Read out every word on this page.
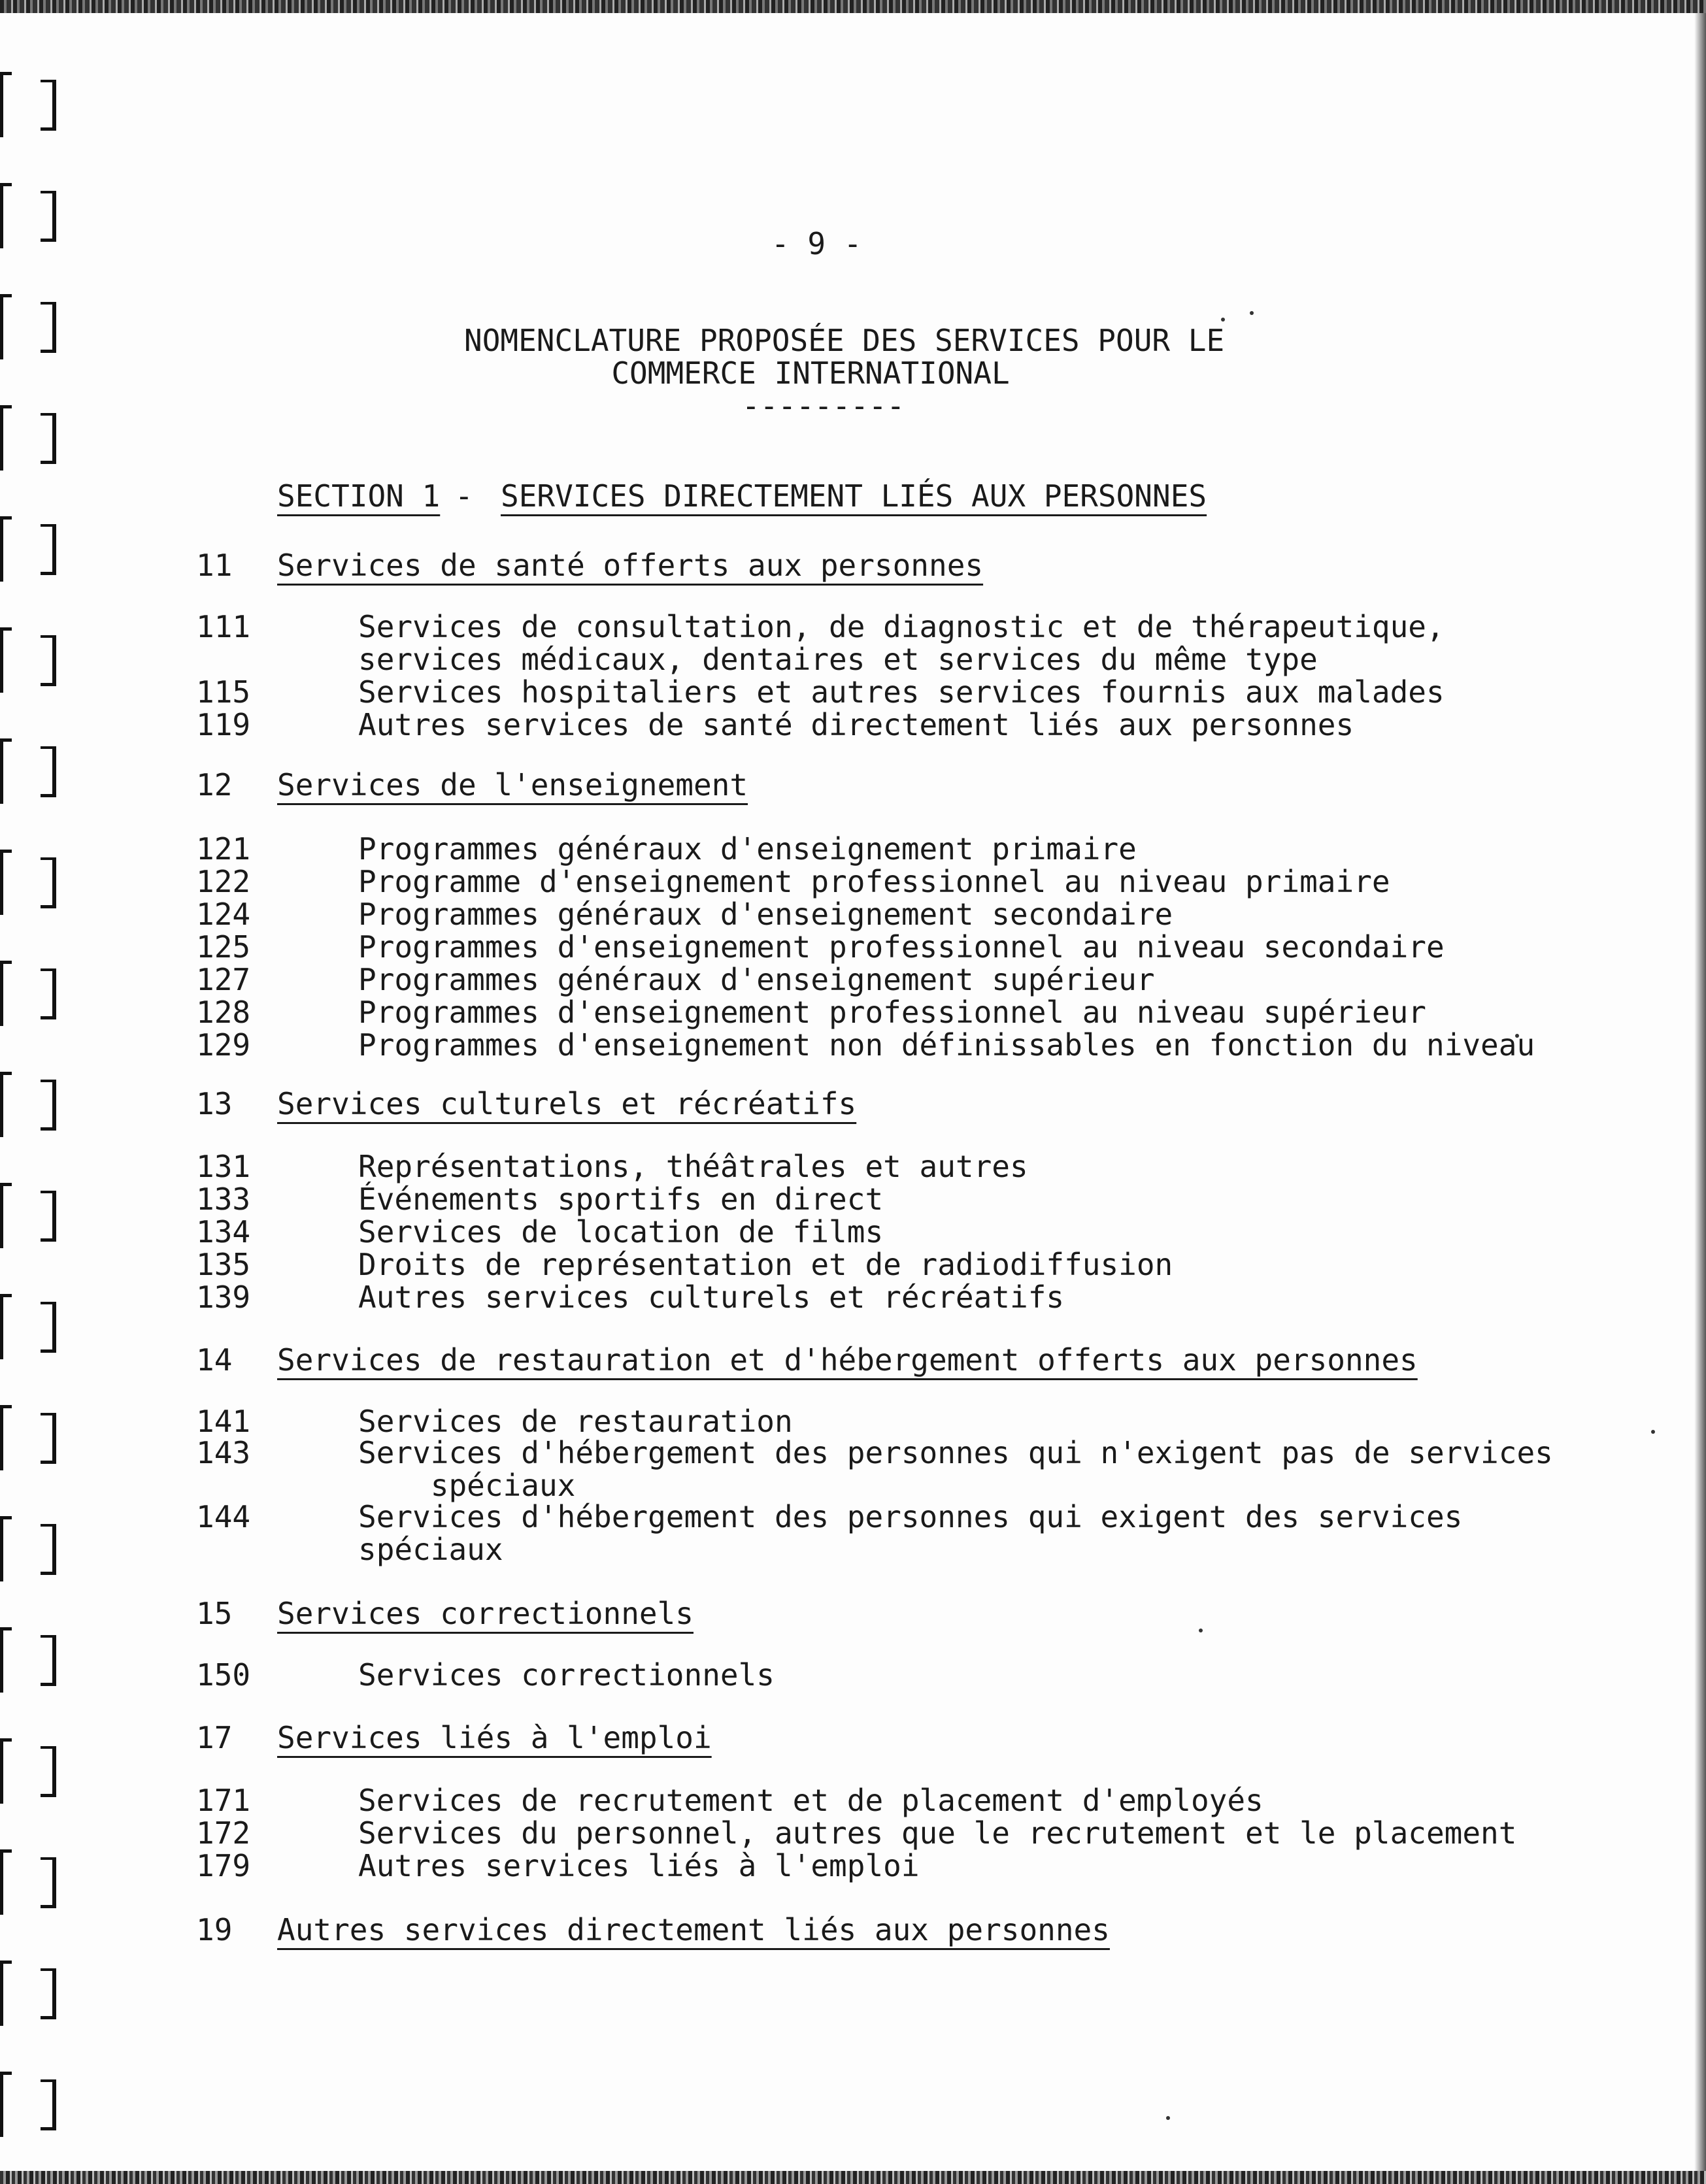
- 9 -
NOMENCLATURE PROPOSÉE DES SERVICES POUR LE
COMMERCE INTERNATIONAL
---------
SECTION 1 - SERVICES DIRECTEMENT LIÉS AUX PERSONNES
11 Services de santé offerts aux personnes
111	Services de consultation, de diagnostic et de thérapeutique,
services médicaux, dentaires et services du même type
115	Services hospitaliers et autres services fournis aux malades
119	Autres services de santé directement liés aux personnes
12 Services de l'enseignement
121	Programmes généraux d'enseignement primaire
122	Programme d'enseignement professionnel au niveau primaire
124	Programmes généraux d'enseignement secondaire
125	Programmes d'enseignement professionnel au niveau secondaire
127	Programmes généraux d'enseignement supérieur
128	Programmes d'enseignement professionnel au niveau supérieur
129	Programmes d'enseignement non définissables en fonction du niveau
13 Services culturels et récréatifs
131	Représentations, théâtrales et autres
133	Événements sportifs en direct
134	Services de location de films
135	Droits de représentation et de radiodiffusion
139	Autres services culturels et récréatifs
14 Services de restauration et d'hébergement offerts aux personnes
141	Services de restauration
143	Services d'hébergement des personnes qui n'exigent pas de services
spéciaux
144	Services d'hébergement des personnes qui exigent des services
spéciaux
15 Services correctionnels
150	Services correctionnels
17 Services liés à l'emploi
171	Services de recrutement et de placement d'employés
172	Services du personnel, autres que le recrutement et le placement
179	Autres services liés à l'emploi
19 Autres services directement liés aux personnes
